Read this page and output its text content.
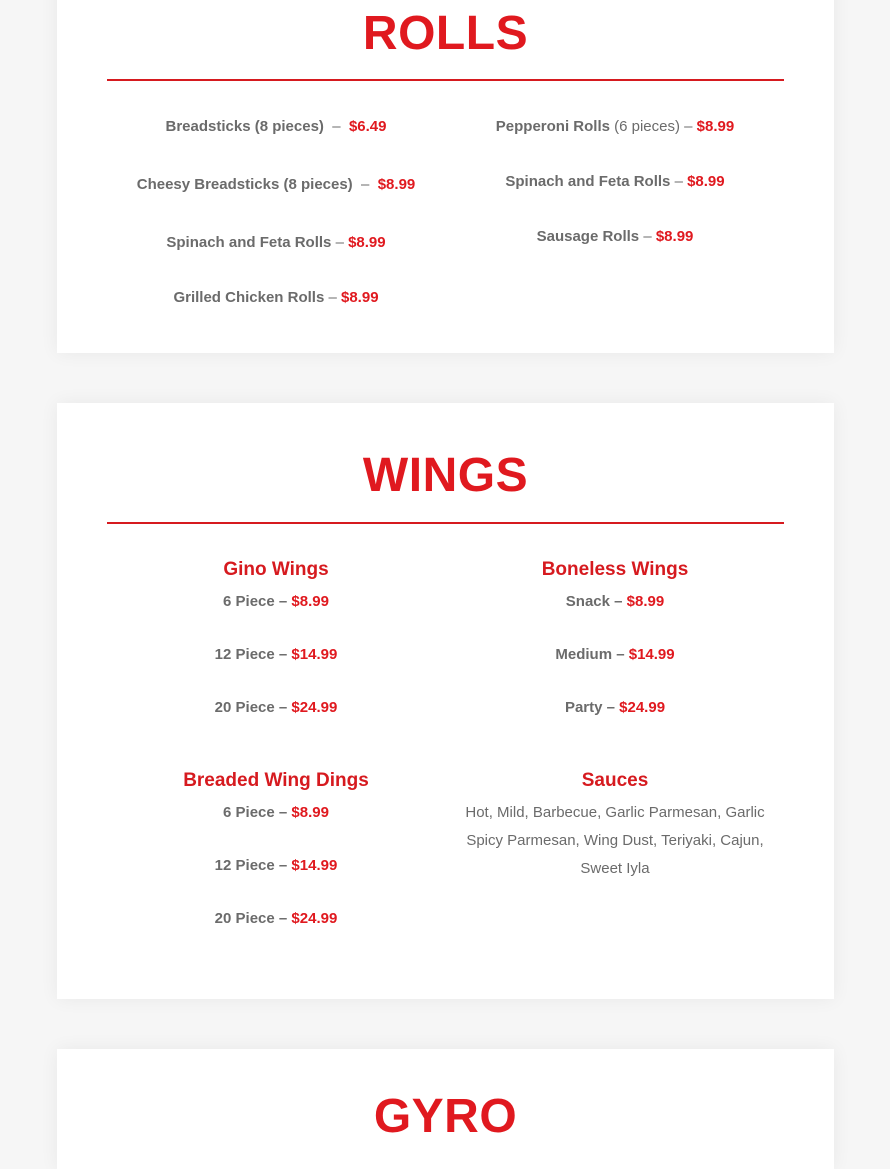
ROLLS
Breadsticks (8 pieces) – $6.49
Cheesy Breadsticks (8 pieces) – $8.99
Spinach and Feta Rolls – $8.99
Grilled Chicken Rolls – $8.99
Pepperoni Rolls (6 pieces) – $8.99
Spinach and Feta Rolls – $8.99
Sausage Rolls – $8.99
WINGS
Gino Wings
6 Piece – $8.99
12 Piece – $14.99
20 Piece – $24.99
Breaded Wing Dings
6 Piece – $8.99
12 Piece – $14.99
20 Piece – $24.99
Boneless Wings
Snack – $8.99
Medium – $14.99
Party – $24.99
Sauces
Hot, Mild, Barbecue, Garlic Parmesan, Garlic
Spicy Parmesan, Wing Dust, Teriyaki, Cajun,
Sweet Iyla
GYRO
